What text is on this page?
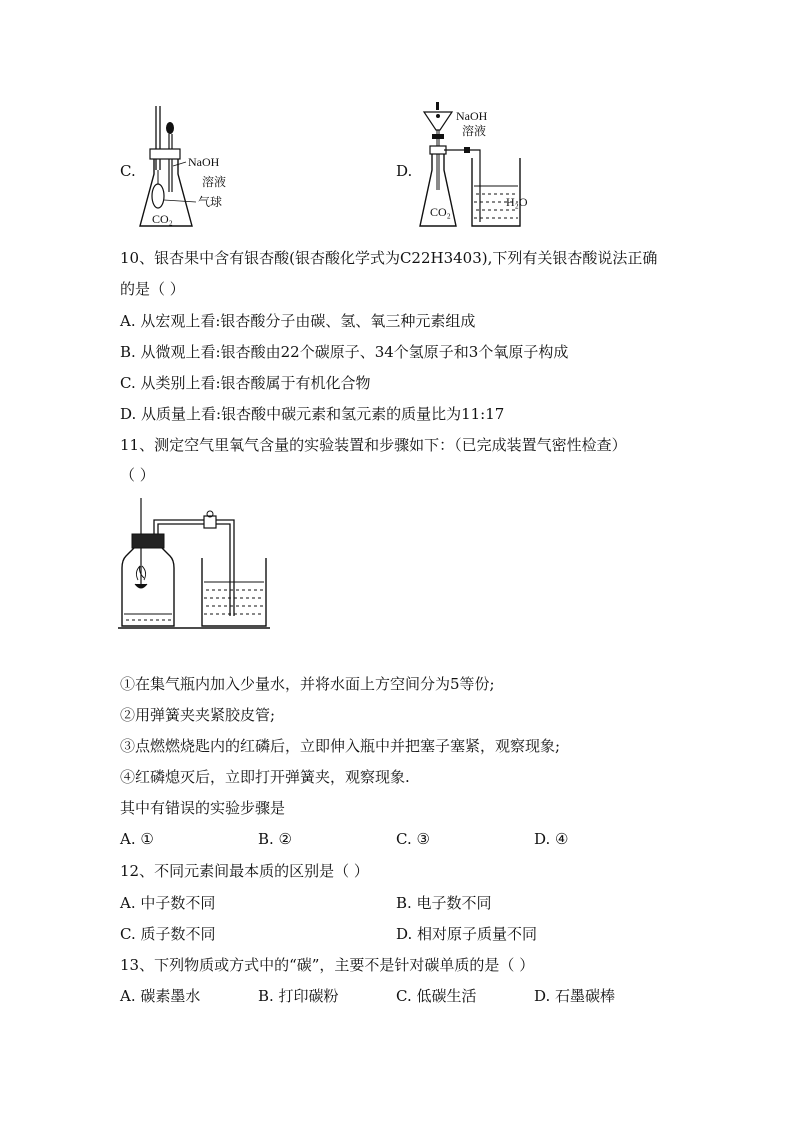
C.	NaOH
溶液
气球
CO₂
D.
NaOH
溶液
CO₂
H₂O
10、银杏果中含有银杏酸(银杏酸化学式为C22H3403),下列有关银杏酸说法正确
的是（ ）
A. 从宏观上看:银杏酸分子由碳、氢、氧三种元素组成
B. 从微观上看:银杏酸由22个碳原子、34个氢原子和3个氧原子构成
C. 从类别上看:银杏酸属于有机化合物
D. 从质量上看:银杏酸中碳元素和氢元素的质量比为11:17
11、测定空气里氧气含量的实验装置和步骤如下：（已完成装置气密性检查）
（ ）
①在集气瓶内加入少量水，并将水面上方空间分为5等份;
②用弹簧夹夹紧胶皮管;
③点燃燃烧匙内的红磷后，立即伸入瓶中并把塞子塞紧，观察现象;
④红磷熄灭后，立即打开弹簧夹，观察现象.
其中有错误的实验步骤是
A. ①	B. ②	C. ③	D. ④
12、不同元素间最本质的区别是（ ）
A. 中子数不同	B. 电子数不同
C. 质子数不同	D. 相对原子质量不同
13、下列物质或方式中的“碳”，主要不是针对碳单质的是（ ）
A. 碳素墨水	B. 打印碳粉	C. 低碳生活	D. 石墨碳棒
